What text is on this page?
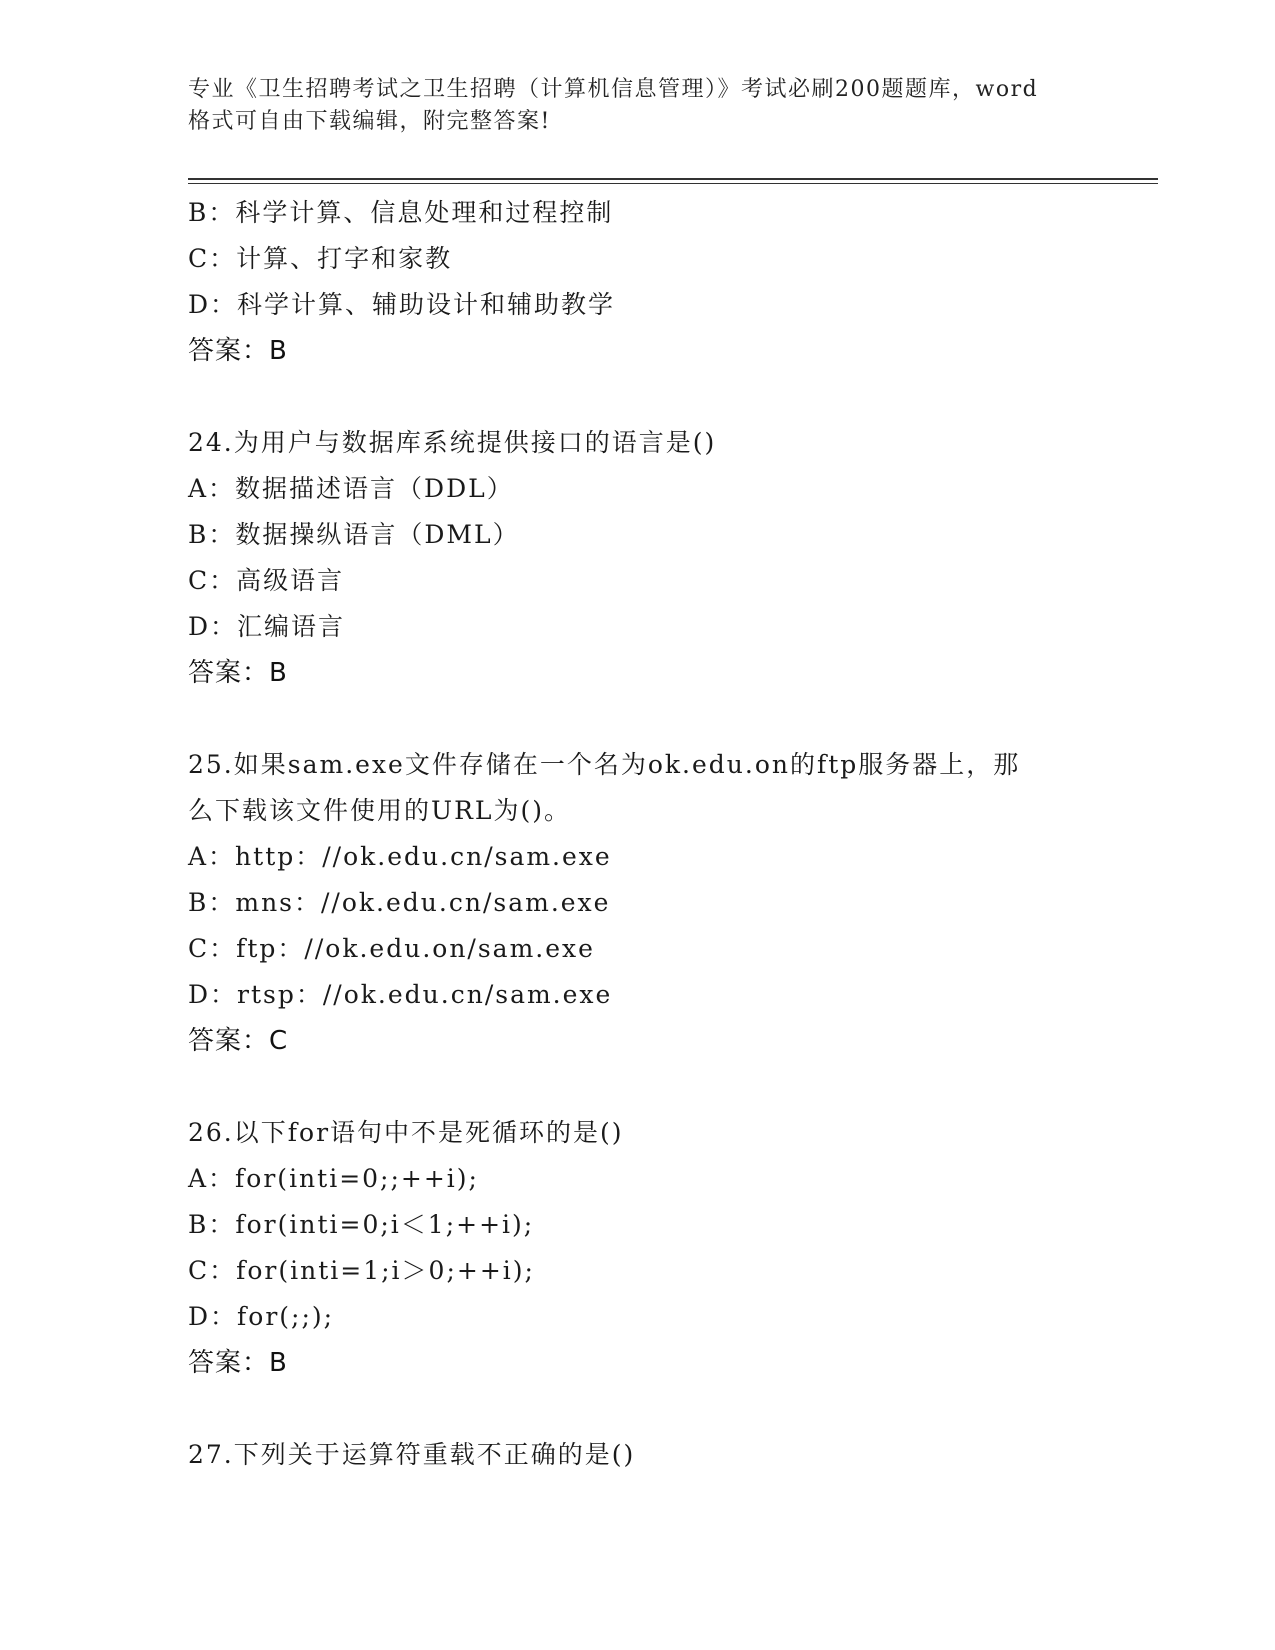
专业《卫生招聘考试之卫生招聘（计算机信息管理）》考试必刷200题题库，word
格式可自由下载编辑，附完整答案!
B：科学计算、信息处理和过程控制
C：计算、打字和家教
D：科学计算、辅助设计和辅助教学
答案：B
24.为用户与数据库系统提供接口的语言是()
A：数据描述语言（DDL）
B：数据操纵语言（DML）
C：高级语言
D：汇编语言
答案：B
25.如果sam.exe文件存储在一个名为ok.edu.on的ftp服务器上，那
么下载该文件使用的URL为()。
A：http：//ok.edu.cn/sam.exe
B：mns：//ok.edu.cn/sam.exe
C：ftp：//ok.edu.on/sam.exe
D：rtsp：//ok.edu.cn/sam.exe
答案：C
26.以下for语句中不是死循环的是()
A：for(inti=0;;++i);
B：for(inti=0;i＜1;++i);
C：for(inti=1;i＞0;++i);
D：for(;;);
答案：B
27.下列关于运算符重载不正确的是()
